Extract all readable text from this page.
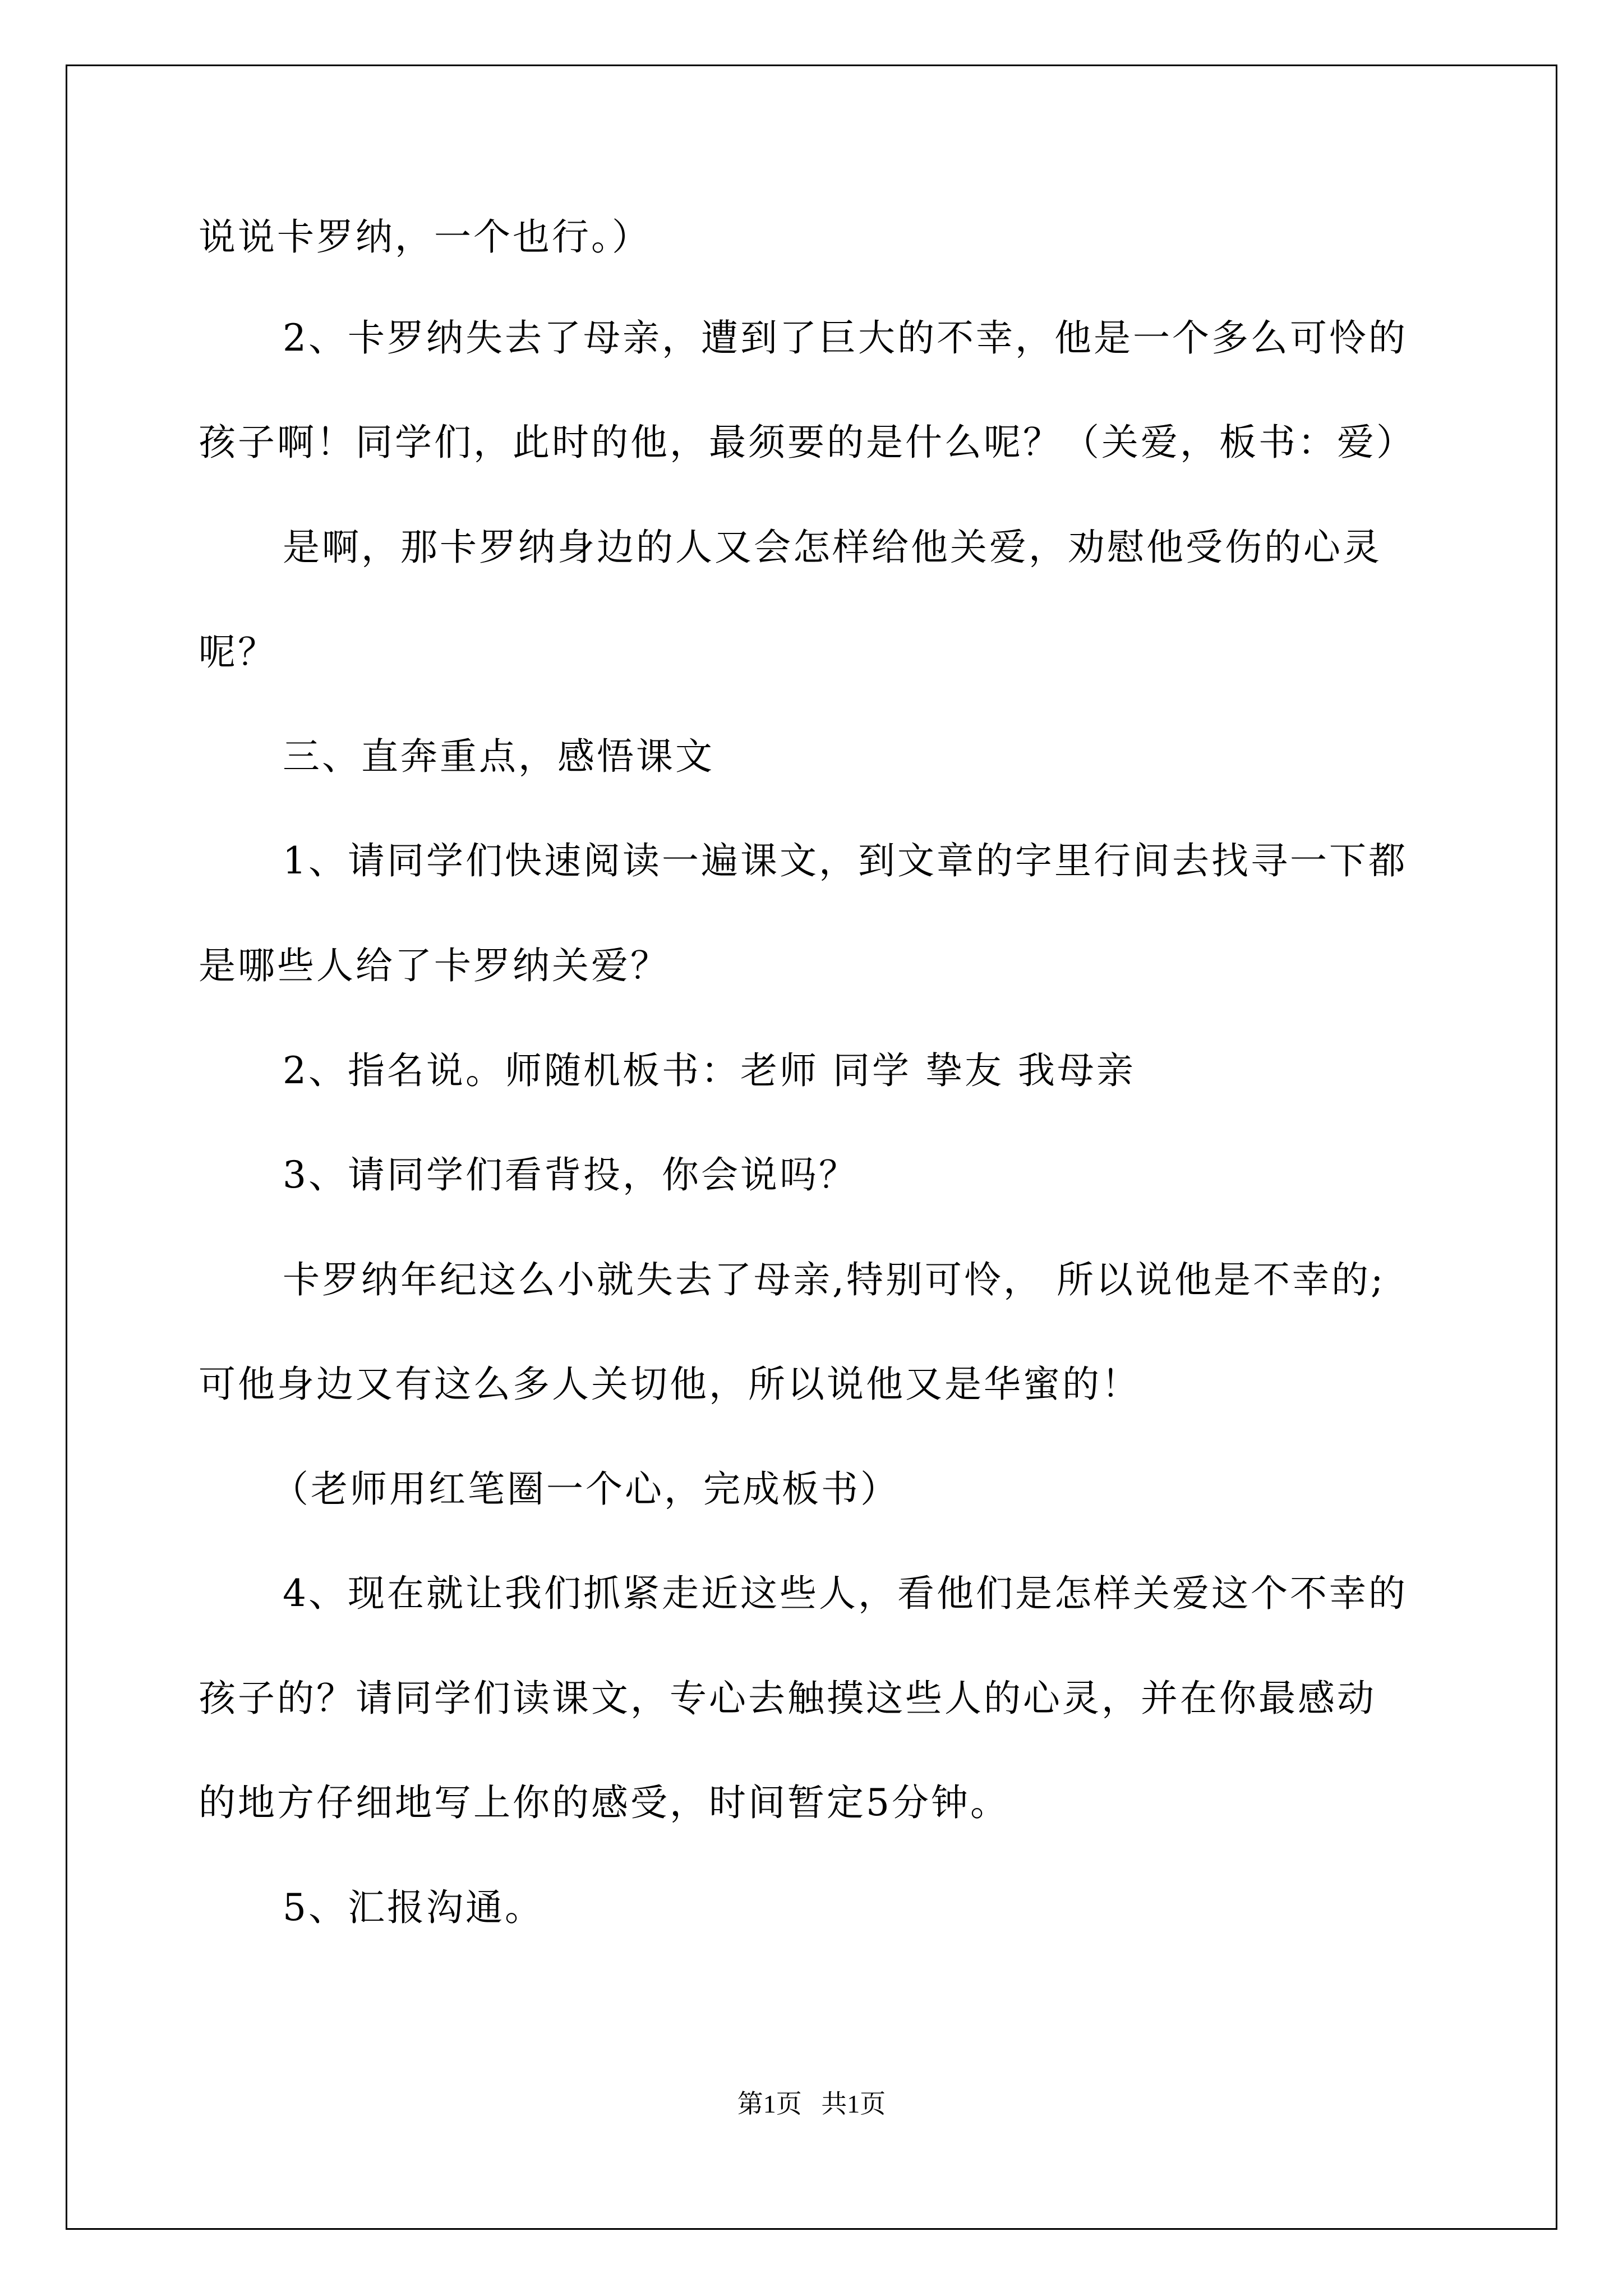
说说卡罗纳，一个也行。）
2、卡罗纳失去了母亲，遭到了巨大的不幸，他是一个多么可怜的
孩子啊！同学们，此时的他，最须要的是什么呢？（关爱，板书：爱）
是啊，那卡罗纳身边的人又会怎样给他关爱，劝慰他受伤的心灵
呢？
三、直奔重点，感悟课文
1、请同学们快速阅读一遍课文，到文章的字里行间去找寻一下都
是哪些人给了卡罗纳关爱？
2、指名说。师随机板书：老师 同学 挚友 我母亲
3、请同学们看背投，你会说吗？
卡罗纳年纪这么小就失去了母亲,特别可怜， 所以说他是不幸的;
可他身边又有这么多人关切他，所以说他又是华蜜的！
（老师用红笔圈一个心，完成板书）
4、现在就让我们抓紧走近这些人，看他们是怎样关爱这个不幸的
孩子的？请同学们读课文，专心去触摸这些人的心灵，并在你最感动
的地方仔细地写上你的感受，时间暂定5分钟。
5、汇报沟通。
第1页   共1页
